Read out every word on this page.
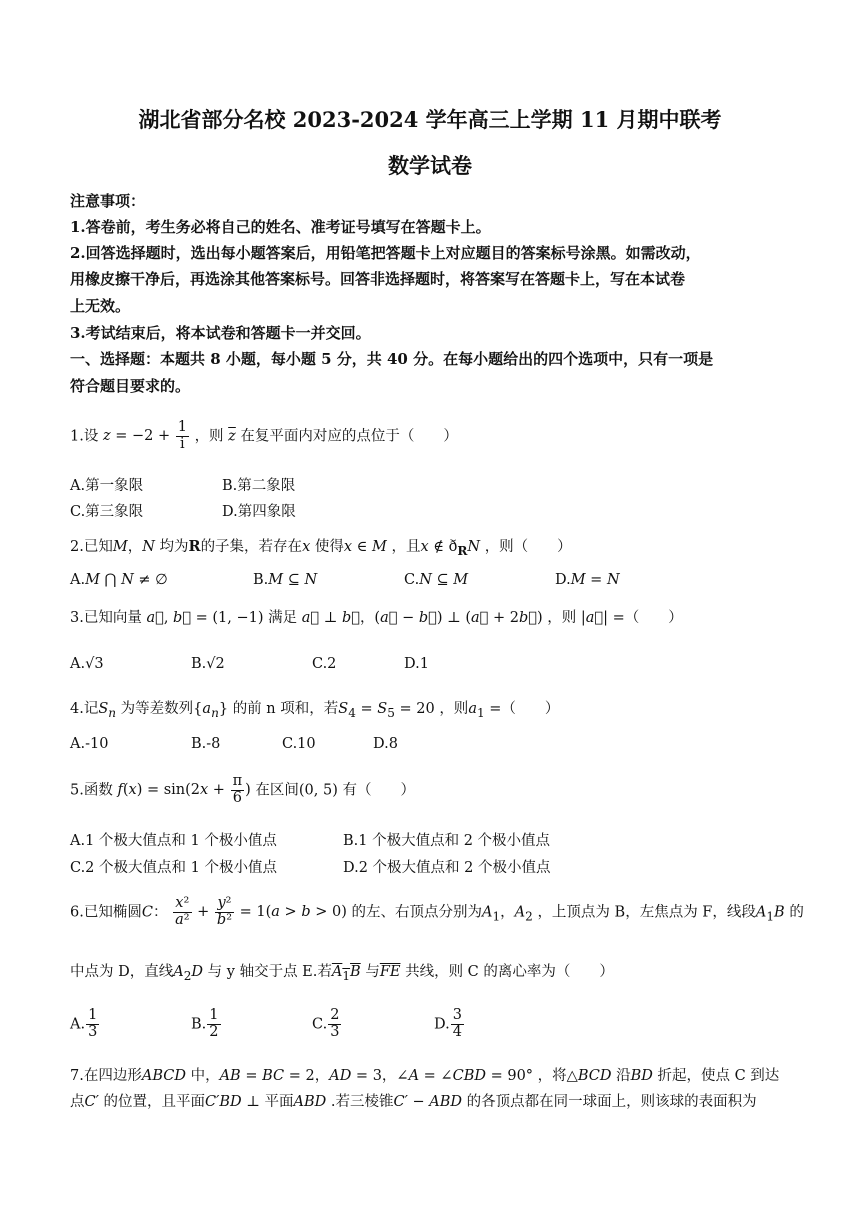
湖北省部分名校 2023-2024 学年高三上学期 11 月期中联考
数学试卷
注意事项：
1.答卷前，考生务必将自己的姓名、准考证号填写在答题卡上。
2.回答选择题时，选出每小题答案后，用铅笔把答题卡上对应题目的答案标号涂黑。如需改动，
用橡皮擦干净后，再选涂其他答案标号。回答非选择题时，将答案写在答题卡上，写在本试卷
上无效。
3.考试结束后，将本试卷和答题卡一并交回。
一、选择题：本题共 8 小题，每小题 5 分，共 40 分。在每小题给出的四个选项中，只有一项是
符合题目要求的。
1.设 $z = -2 + \frac{1}{i}$ ，则 $\overline{z}$ 在复平面内对应的点位于（　　）
A.第一象限	B.第二象限
C.第三象限	D.第四象限
2.已知M，N 均为R的子集，若存在x 使得x ∈ M ，且x ∉ $ð_RN$ ，则（　　）
A.M ⋂ N ≠ ∅	B.M ⊆ N	C.N ⊆ M	D.M = N
3.已知向量 a⃗, b⃗ = (1, −1) 满足 a⃗ ⊥ b⃗，(a⃗ − b⃗) ⊥ (a⃗ + 2b⃗) ，则 |a⃗| =（　　）
A.√3	B.√2	C.2	D.1
4.记$S_n$ 为等差数列$\{a_n\}$ 的前 n 项和，若$S_4 = S_5 = 20$ ，则$a_1$ =（　　）
A.-10	B.-8	C.10	D.8
5.函数 $f(x) = \sin(2x + \frac{\pi}{6}$ ) 在区间(0, 5) 有（　　）
A.1 个极大值点和 1 个极小值点	B.1 个极大值点和 2 个极小值点
C.2 个极大值点和 1 个极小值点	D.2 个极大值点和 2 个极小值点
6.已知椭圆C： $\frac{\text{x²}}{\text{a²}} + \frac{\text{y²}}{\text{b²}} = 1(a > b > 0)$ 的左、右顶点分别为$A_1$，$A_2$ ，上顶点为 B，左焦点为 F，线段$A_1B$ 的
中点为 D，直线$A_2D$ 与 y 轴交于点 E.若$A_1B$ 与$\overline{FE}$ 共线，则 C 的离心率为（　　）
A. $\frac{1}{3}$	B. $\frac{1}{2}$	C. $\frac{2}{3}$	D. $\frac{3}{4}$
7.在四边形ABCD 中，AB = BC = 2，AD = 3，∠A = ∠CBD = 90° ，将△BCD 沿BD 折起，使点 C 到达
点C′ 的位置，且平面C′BD ⊥ 平面ABD .若三棱锥C′ − ABD 的各顶点都在同一球面上，则该球的表面积为
